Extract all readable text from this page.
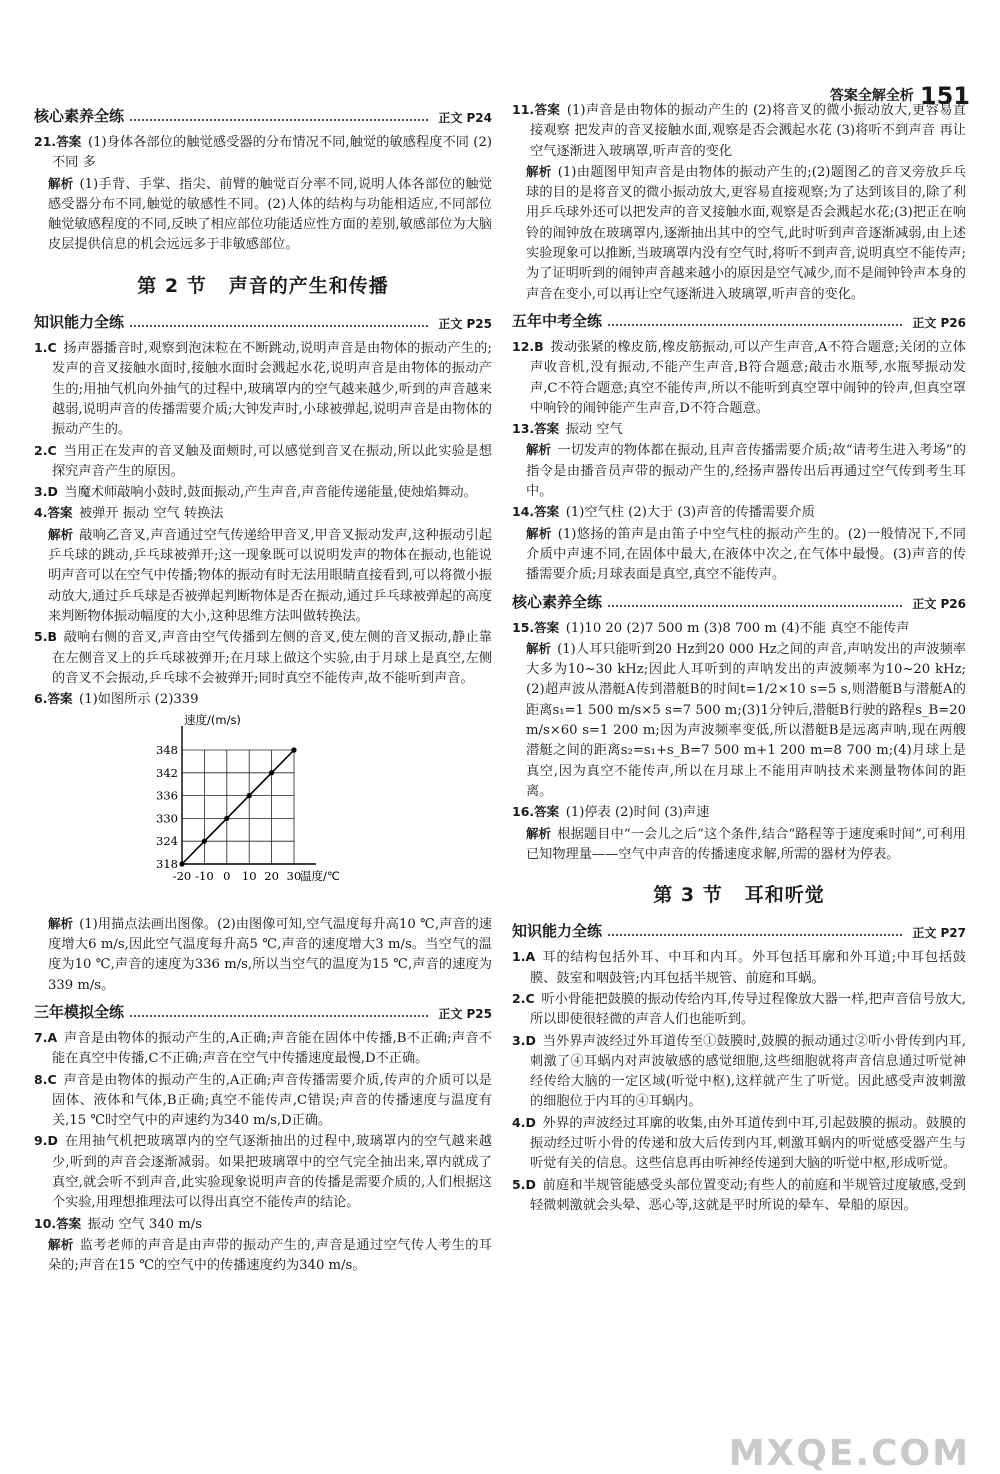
答案全解全析 151
核心素养全练	正文 P24

21.答案  (1)身体各部位的触觉感受器的分布情况不同,触觉的敏感程度不同 (2)不同 多

解析 (1)手背、手掌、指尖、前臂的触觉百分率不同,说明人体各部位的触觉感受器分布不同,触觉的敏感性不同。(2)人体的结构与功能相适应,不同部位触觉敏感程度的不同,反映了相应部位功能适应性方面的差别,敏感部位为大脑皮层提供信息的机会远远多于非敏感部位。

第 2 节 声音的产生和传播
知识能力全练	正文 P25

1.C  扬声器播音时,观察到泡沫粒在不断跳动,说明声音是由物体的振动产生的;发声的音叉接触水面时,接触水面时会溅起水花,说明声音是由物体的振动产生的;用抽气机向外抽气的过程中,玻璃罩内的空气越来越少,听到的声音越来越弱,说明声音的传播需要介质;大钟发声时,小球被弹起,说明声音是由物体的振动产生的。

2.C  当用正在发声的音叉触及面颊时,可以感觉到音叉在振动,所以此实验是想探究声音产生的原因。

3.D  当魔术师敲响小鼓时,鼓面振动,产生声音,声音能传递能量,使烛焰舞动。

4.答案  被弹开 振动 空气 转换法

解析 敲响乙音叉,声音通过空气传递给甲音叉,甲音叉振动发声,这种振动引起乒乓球的跳动,乒乓球被弹开;这一现象既可以说明发声的物体在振动,也能说明声音可以在空气中传播;物体的振动有时无法用眼睛直接看到,可以将微小振动放大,通过乒乓球是否被弹起判断物体是否在振动,通过乒乓球被弹起的高度来判断物体振动幅度的大小,这种思维方法叫做转换法。

5.B  敲响右侧的音叉,声音由空气传播到左侧的音叉,使左侧的音叉振动,静止靠在左侧音叉上的乒乓球被弹开;在月球上做这个实验,由于月球上是真空,左侧的音叉不会振动,乒乓球不会被弹开;同时真空不能传声,故不能听到声音。

6.答案  (1)如图所示 (2)339

318
324
330
336
342
348
-20 -10 0 10 20 30
速度/(m/s)
温度/℃

解析 (1)用描点法画出图像。(2)由图像可知,空气温度每升高10 ℃,声音的速度增大6 m/s,因此空气温度每升高5 ℃,声音的速度增大3 m/s。当空气的温度为10 ℃,声音的速度为336 m/s,所以当空气的温度为15 ℃,声音的速度为339 m/s。

三年模拟全练	正文 P25

7.A  声音是由物体的振动产生的,A正确;声音能在固体中传播,B不正确;声音不能在真空中传播,C不正确;声音在空气中传播速度最慢,D不正确。

8.C  声音是由物体的振动产生的,A正确;声音传播需要介质,传声的介质可以是固体、液体和气体,B正确;真空不能传声,C错误;声音的传播速度与温度有关,15 ℃时空气中的声速约为340 m/s,D正确。

9.D  在用抽气机把玻璃罩内的空气逐渐抽出的过程中,玻璃罩内的空气越来越少,听到的声音会逐渐减弱。如果把玻璃罩中的空气完全抽出来,罩内就成了真空,就会听不到声音,此实验现象说明声音的传播是需要介质的,人们根据这个实验,用理想推理法可以得出真空不能传声的结论。

10.答案  振动 空气 340 m/s

解析 监考老师的声音是由声带的振动产生的,声音是通过空气传人考生的耳朵的;声音在15 ℃的空气中的传播速度约为340 m/s。

11.答案  (1)声音是由物体的振动产生的 (2)将音叉的微小振动放大,更容易直接观察 把发声的音叉接触水面,观察是否会溅起水花 (3)将听不到声音 再让空气逐渐进入玻璃罩,听声音的变化

解析 (1)由题图甲知声音是由物体的振动产生的;(2)题图乙的音叉旁放乒乓球的目的是将音叉的微小振动放大,更容易直接观察;为了达到该目的,除了利用乒乓球外还可以把发声的音叉接触水面,观察是否会溅起水花;(3)把正在响铃的闹钟放在玻璃罩内,逐渐抽出其中的空气,此时听到声音逐渐减弱,由上述实验现象可以推断,当玻璃罩内没有空气时,将听不到声音,说明真空不能传声;为了证明听到的闹钟声音越来越小的原因是空气减少,而不是闹钟铃声本身的声音在变小,可以再让空气逐渐进入玻璃罩,听声音的变化。

五年中考全练	正文 P26

12.B  拨动张紧的橡皮筋,橡皮筋振动,可以产生声音,A不符合题意;关闭的立体声收音机,没有振动,不能产生声音,B符合题意;敲击水瓶琴,水瓶琴振动发声,C不符合题意;真空不能传声,所以不能听到真空罩中闹钟的铃声,但真空罩中响铃的闹钟能产生声音,D不符合题意。

13.答案  振动 空气

解析 一切发声的物体都在振动,且声音传播需要介质;故“请考生进入考场”的指令是由播音员声带的振动产生的,经扬声器传出后再通过空气传到考生耳中。

14.答案  (1)空气柱 (2)大于 (3)声音的传播需要介质

解析 (1)悠扬的笛声是由笛子中空气柱的振动产生的。(2)一般情况下,不同介质中声速不同,在固体中最大,在液体中次之,在气体中最慢。(3)声音的传播需要介质;月球表面是真空,真空不能传声。

核心素养全练	正文 P26

15.答案  (1)10 20 (2)7 500 m (3)8 700 m (4)不能 真空不能传声

解析 (1)人耳只能听到20 Hz到20 000 Hz之间的声音,声呐发出的声波频率大多为10~30 kHz;因此人耳听到的声呐发出的声波频率为10~20 kHz;(2)超声波从潜艇A传到潜艇B的时间t=1/2×10 s=5 s,则潜艇B与潜艇A的距离s₁=1 500 m/s×5 s=7 500 m;(3)1分钟后,潜艇B行驶的路程s_B=20 m/s×60 s=1 200 m;因为声波频率变低,所以潜艇B是远离声呐,现在两艘潜艇之间的距离s₂=s₁+s_B=7 500 m+1 200 m=8 700 m;(4)月球上是真空,因为真空不能传声,所以在月球上不能用声呐技术来测量物体间的距离。

16.答案  (1)停表 (2)时间 (3)声速

解析 根据题目中“一会儿之后”这个条件,结合“路程等于速度乘时间”,可利用已知物理量——空气中声音的传播速度求解,所需的器材为停表。

第 3 节 耳和听觉
知识能力全练	正文 P27

1.A  耳的结构包括外耳、中耳和内耳。外耳包括耳廓和外耳道;中耳包括鼓膜、鼓室和咽鼓管;内耳包括半规管、前庭和耳蜗。

2.C  听小骨能把鼓膜的振动传给内耳,传导过程像放大器一样,把声音信号放大,所以即使很轻微的声音人们也能听到。

3.D  当外界声波经过外耳道传至①鼓膜时,鼓膜的振动通过②听小骨传到内耳,刺激了④耳蜗内对声波敏感的感觉细胞,这些细胞就将声音信息通过听觉神经传给大脑的一定区域(听觉中枢),这样就产生了听觉。因此感受声波刺激的细胞位于内耳的④耳蜗内。

4.D  外界的声波经过耳廓的收集,由外耳道传到中耳,引起鼓膜的振动。鼓膜的振动经过听小骨的传递和放大后传到内耳,刺激耳蜗内的听觉感受器产生与听觉有关的信息。这些信息再由听神经传递到大脑的听觉中枢,形成听觉。

5.D  前庭和半规管能感受头部位置变动;有些人的前庭和半规管过度敏感,受到轻微刺激就会头晕、恶心等,这就是平时所说的晕车、晕船的原因。

MXQE.COM
